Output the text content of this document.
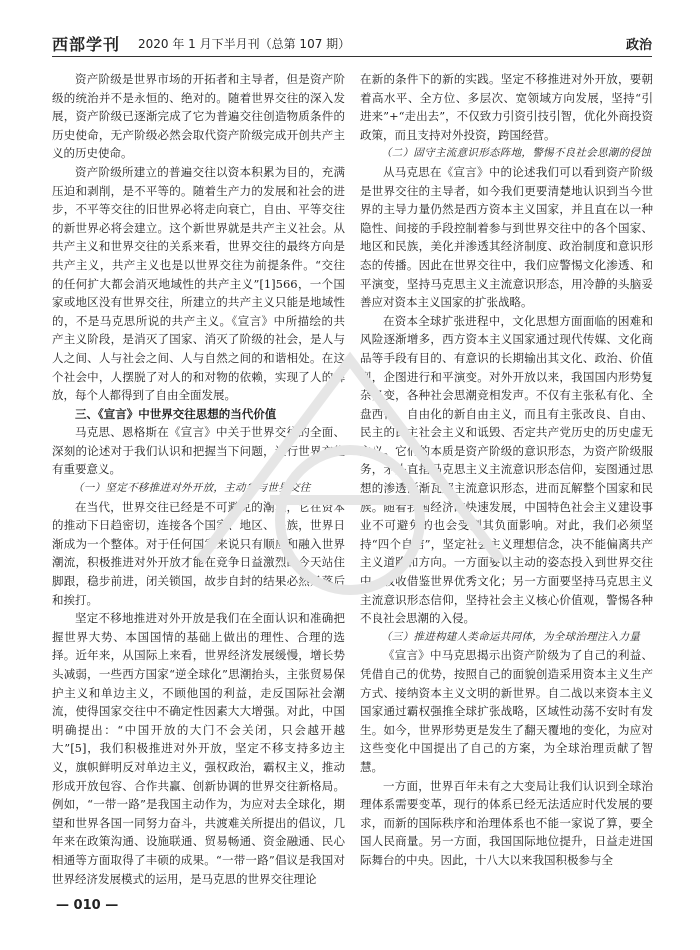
西部学刊 2020 年 1 月下半月刊（总第 107 期）	政治

资产阶级是世界市场的开拓者和主导者，但是资产阶级的统治并不是永恒的、绝对的。随着世界交往的深入发展，资产阶级已逐渐完成了它为普遍交往创造物质条件的历史使命，无产阶级必然会取代资产阶级完成开创共产主义的历史使命。

资产阶级所建立的普遍交往以资本积累为目的，充满压迫和剥削，是不平等的。随着生产力的发展和社会的进步，不平等交往的旧世界必将走向衰亡，自由、平等交往的新世界必将会建立。这个新世界就是共产主义社会。从共产主义和世界交往的关系来看，世界交往的最终方向是共产主义，共产主义也是以世界交往为前提条件。“交往的任何扩大都会消灭地域性的共产主义”[1]566，一个国家或地区没有世界交往，所建立的共产主义只能是地域性的，不是马克思所说的共产主义。《宣言》中所描绘的共产主义阶段，是消灭了国家、消灭了阶级的社会，是人与人之间、人与社会之间、人与自然之间的和谐相处。在这个社会中，人摆脱了对人的和对物的依赖，实现了人的解放，每个人都得到了自由全面发展。

三、《宣言》中世界交往思想的当代价值

马克思、恩格斯在《宣言》中关于世界交往的全面、深刻的论述对于我们认识和把握当下问题，进行世界交往有重要意义。

（一）坚定不移推进对外开放，主动参与世界交往

在当代，世界交往已经是不可避免的潮流，它在资本的推动下日趋密切，连接各个国家、地区、民族，世界日渐成为一个整体。对于任何国家来说只有顺应和融入世界潮流，积极推进对外开放才能在竞争日益激烈的今天站住脚跟，稳步前进，闭关锁国，故步自封的结果必然是落后和挨打。

坚定不移地推进对外开放是我们在全面认识和准确把握世界大势、本国国情的基础上做出的理性、合理的选择。近年来，从国际上来看，世界经济发展缓慢，增长势头减弱，一些西方国家“逆全球化”思潮抬头，主张贸易保护主义和单边主义，不顾他国的利益，走反国际社会潮流，使得国家交往中不确定性因素大大增强。对此，中国明确提出：“中国开放的大门不会关闭，只会越开越大”[5]，我们积极推进对外开放，坚定不移支持多边主义，旗帜鲜明反对单边主义，强权政治，霸权主义，推动形成开放包容、合作共赢、创新协调的世界交往新格局。例如，“一带一路”是我国主动作为，为应对去全球化，期望和世界各国一同努力奋斗，共渡难关所提出的倡议，几年来在政策沟通、设施联通、贸易畅通、资金融通、民心相通等方面取得了丰硕的成果。“一带一路”倡议是我国对世界经济发展模式的运用，是马克思的世界交往理论

在新的条件下的新的实践。坚定不移推进对外开放，要朝着高水平、全方位、多层次、宽领域方向发展，坚持“引进来”+“走出去”，不仅致力引资引技引智，优化外商投资政策，而且支持对外投资，跨国经营。

（二）固守主流意识形态阵地，警惕不良社会思潮的侵蚀

从马克思在《宣言》中的论述我们可以看到资产阶级是世界交往的主导者，如今我们更要清楚地认识到当今世界的主导力量仍然是西方资本主义国家，并且直在以一种隐性、间接的手段控制着参与到世界交往中的各个国家、地区和民族，美化并渗透其经济制度、政治制度和意识形态的传播。因此在世界交往中，我们应警惕文化渗透、和平演变，坚持马克思主义主流意识形态，用冷静的头脑妥善应对资本主义国家的扩张战略。

在资本全球扩张进程中，文化思想方面面临的困难和风险逐渐增多，西方资本主义国家通过现代传媒、文化商品等手段有目的、有意识的长期输出其文化、政治、价值观，企图进行和平演变。对外开放以来，我国国内形势复杂多变，各种社会思潮竞相发声。不仅有主张私有化、全盘西化、自由化的新自由主义，而且有主张改良、自由、民主的民主社会主义和诋毁、否定共产党历史的历史虚无主义。它们的本质是资产阶级的意识形态，为资产阶级服务，矛头直指马克思主义主流意识形态信仰，妄图通过思想的渗透渐渐瓦解主流意识形态，进而瓦解整个国家和民族。随着我国经济的快速发展，中国特色社会主义建设事业不可避免的也会受到其负面影响。对此，我们必须坚持“四个自信”，坚定社会主义理想信念，决不能偏离共产主义道路和方向。一方面要以主动的姿态投入到世界交往中，吸收借鉴世界优秀文化；另一方面要坚持马克思主义主流意识形态信仰，坚持社会主义核心价值观，警惕各种不良社会思潮的入侵。

（三）推进构建人类命运共同体，为全球治理注入力量

《宣言》中马克思揭示出资产阶级为了自己的利益、凭借自己的优势，按照自己的面貌创造采用资本主义生产方式、接纳资本主义文明的新世界。自二战以来资本主义国家通过霸权强推全球扩张战略，区域性动荡不安时有发生。如今，世界形势更是发生了翻天覆地的变化，为应对这些变化中国提出了自己的方案，为全球治理贡献了智慧。

一方面，世界百年未有之大变局让我们认识到全球治理体系需要变革，现行的体系已经无法适应时代发展的要求，而新的国际秩序和治理体系也不能一家说了算，要全国人民商量。另一方面，我国国际地位提升，日益走进国际舞台的中央。因此，十八大以来我国积极参与全

— 010 —
